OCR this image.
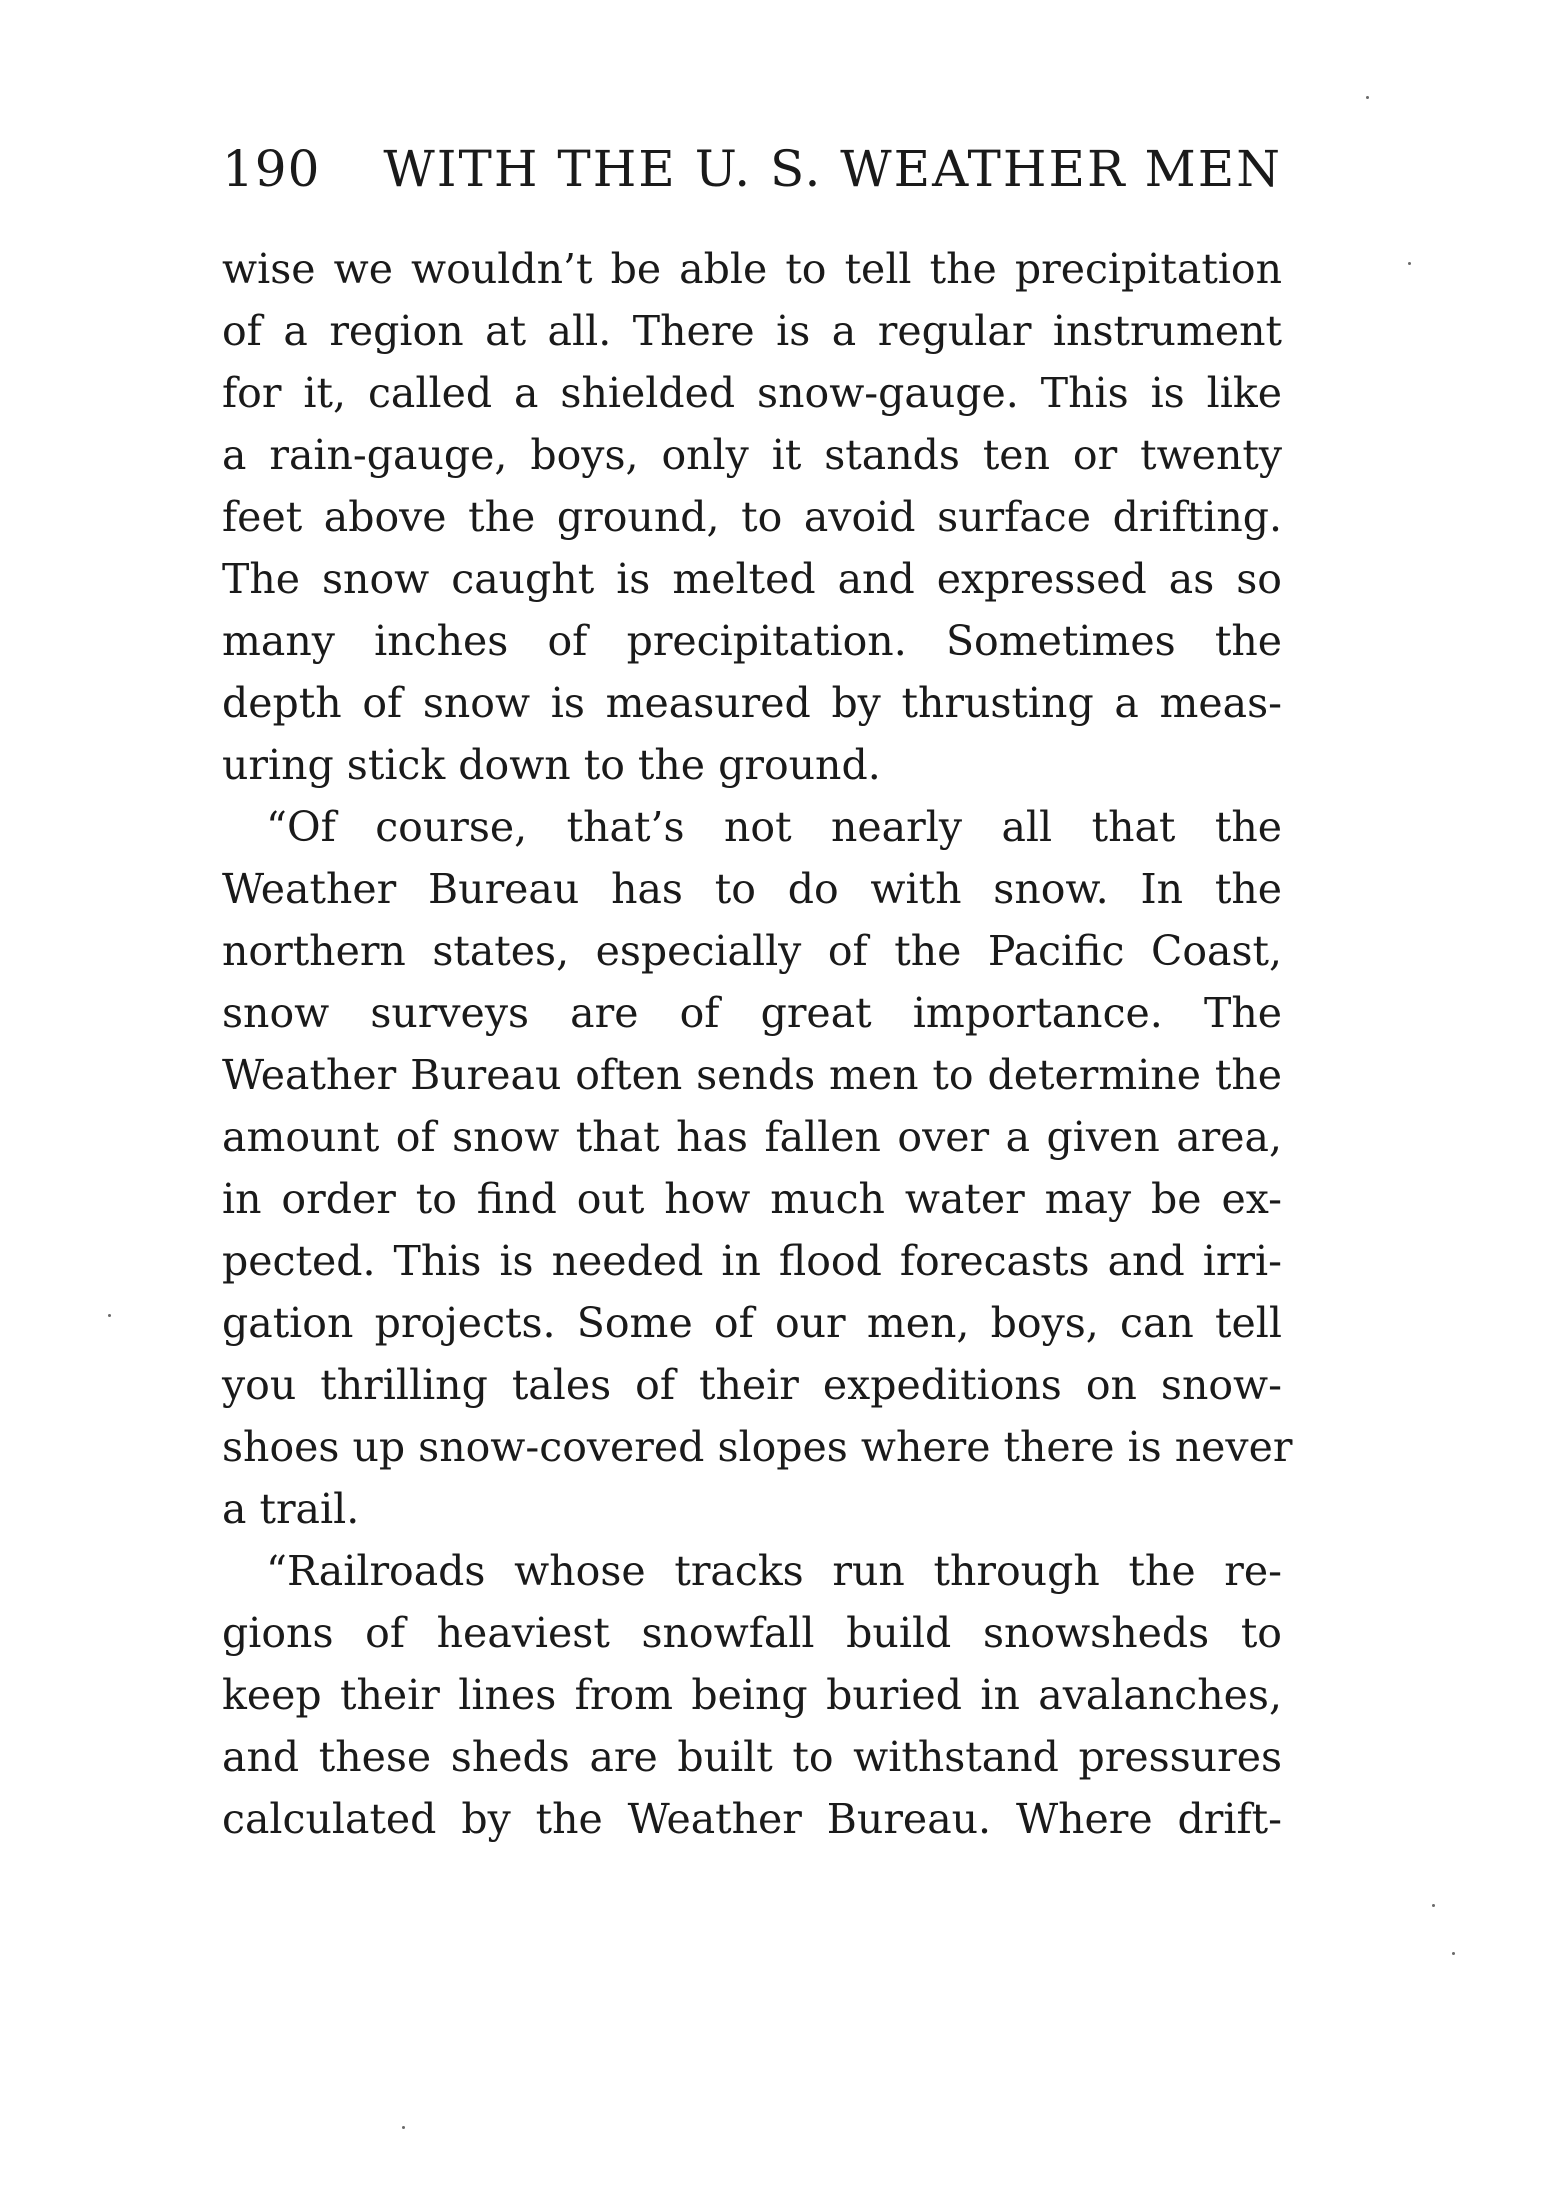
190 WITH THE U. S. WEATHER MEN
wise we wouldn’t be able to tell the precipitation
of a region at all. There is a regular instrument
for it, called a shielded snow-gauge. This is like
a rain-gauge, boys, only it stands ten or twenty
feet above the ground, to avoid surface drifting.
The snow caught is melted and expressed as so
many inches of precipitation. Sometimes the
depth of snow is measured by thrusting a meas-
uring stick down to the ground.
“Of course, that’s not nearly all that the
Weather Bureau has to do with snow. In the
northern states, especially of the Pacific Coast,
snow surveys are of great importance. The
Weather Bureau often sends men to determine the
amount of snow that has fallen over a given area,
in order to find out how much water may be ex-
pected. This is needed in flood forecasts and irri-
gation projects. Some of our men, boys, can tell
you thrilling tales of their expeditions on snow-
shoes up snow-covered slopes where there is never
a trail.
“Railroads whose tracks run through the re-
gions of heaviest snowfall build snowsheds to
keep their lines from being buried in avalanches,
and these sheds are built to withstand pressures
calculated by the Weather Bureau. Where drift-
